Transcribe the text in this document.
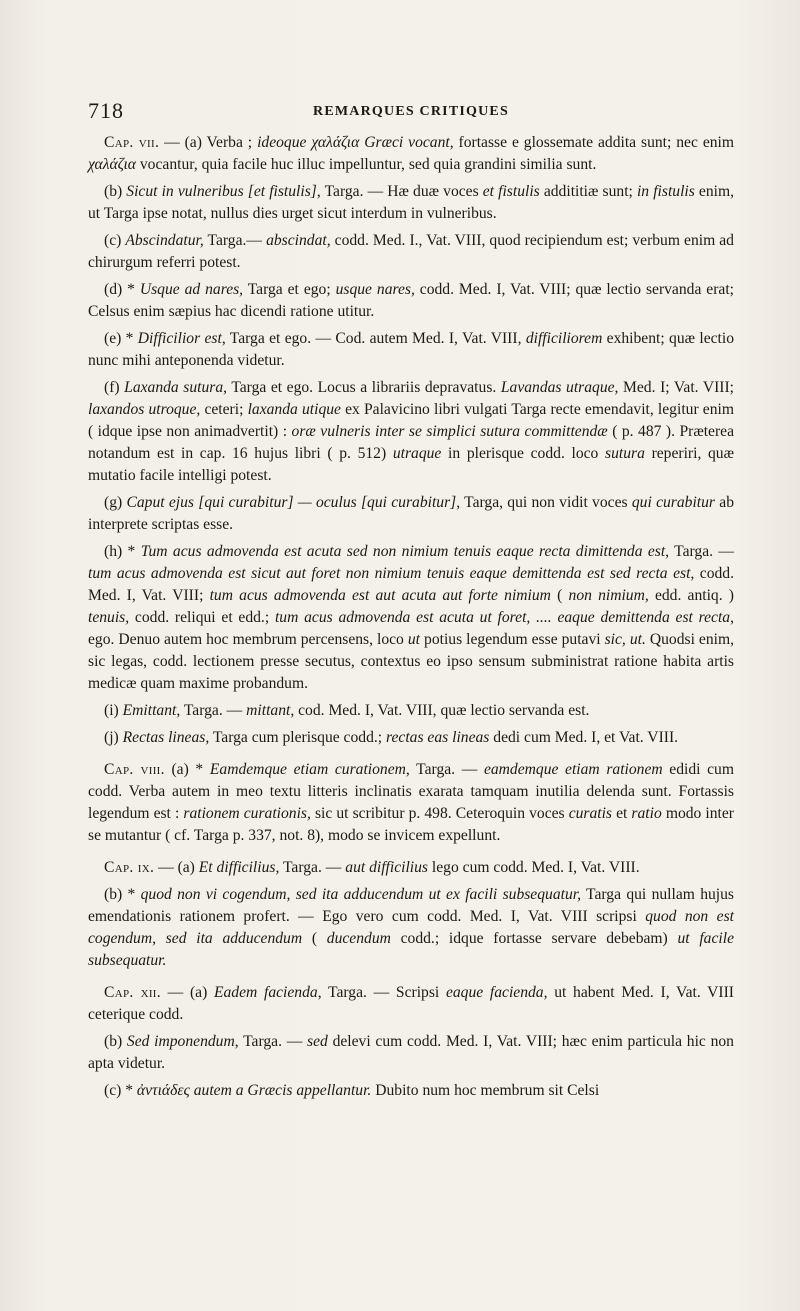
718	REMARQUES CRITIQUES

Cap. vii. — (a) Verba ; ideoque χαλάζια Græci vocant, fortasse e glossemate addita sunt; nec enim χαλάζια vocantur, quia facile huc illuc impelluntur, sed quia grandini similia sunt.

(b) Sicut in vulneribus [et fistulis], Targa. — Hæ duæ voces et fistulis addititiæ sunt; in fistulis enim, ut Targa ipse notat, nullus dies urget sicut interdum in vulneribus.

(c) Abscindatur, Targa.— abscindat, codd. Med. I., Vat. VIII, quod recipiendum est; verbum enim ad chirurgum referri potest.

(d) * Usque ad nares, Targa et ego; usque nares, codd. Med. I, Vat. VIII; quæ lectio servanda erat; Celsus enim sæpius hac dicendi ratione utitur.

(e) * Difficilior est, Targa et ego. — Cod. autem Med. I, Vat. VIII, difficiliorem exhibent; quæ lectio nunc mihi anteponenda videtur.

(f) Laxanda sutura, Targa et ego. Locus a librariis depravatus. Lavandas utraque, Med. I; Vat. VIII; laxandos utroque, ceteri; laxanda utique ex Palavicino libri vulgati Targa recte emendavit, legitur enim ( idque ipse non animadvertit) : oræ vulneris inter se simplici sutura committendæ ( p. 487 ). Præterea notandum est in cap. 16 hujus libri ( p. 512) utraque in plerisque codd. loco sutura reperiri, quæ mutatio facile intelligi potest.

(g) Caput ejus [qui curabitur] — oculus [qui curabitur], Targa, qui non vidit voces qui curabitur ab interprete scriptas esse.

(h) * Tum acus admovenda est acuta sed non nimium tenuis eaque recta dimittenda est, Targa. — tum acus admovenda est sicut aut foret non nimium tenuis eaque demittenda est sed recta est, codd. Med. I, Vat. VIII; tum acus admovenda est aut acuta aut forte nimium ( non nimium, edd. antiq. ) tenuis, codd. reliqui et edd.; tum acus admovenda est acuta ut foret, .... eaque demittenda est recta, ego. Denuo autem hoc membrum percensens, loco ut potius legendum esse putavi sic, ut. Quodsi enim, sic legas, codd. lectionem presse secutus, contextus eo ipso sensum subministrat ratione habita artis medicæ quam maxime probandum.

(i) Emittant, Targa. — mittant, cod. Med. I, Vat. VIII, quæ lectio servanda est.

(j) Rectas lineas, Targa cum plerisque codd.; rectas eas lineas dedi cum Med. I, et Vat. VIII.

Cap. viii. (a) * Eamdemque etiam curationem, Targa. — eamdemque etiam rationem edidi cum codd. Verba autem in meo textu litteris inclinatis exarata tamquam inutilia delenda sunt. Fortassis legendum est : rationem curationis, sic ut scribitur p. 498. Ceteroquin voces curatis et ratio modo inter se mutantur ( cf. Targa p. 337, not. 8), modo se invicem expellunt.

Cap. ix. — (a) Et difficilius, Targa. — aut difficilius lego cum codd. Med. I, Vat. VIII.

(b) * quod non vi cogendum, sed ita adducendum ut ex facili subsequatur, Targa qui nullam hujus emendationis rationem profert. — Ego vero cum codd. Med. I, Vat. VIII scripsi quod non est cogendum, sed ita adducendum ( ducendum codd.; idque fortasse servare debebam) ut facile subsequatur.

Cap. xii. — (a) Eadem facienda, Targa. — Scripsi eaque facienda, ut habent Med. I, Vat. VIII ceterique codd.

(b) Sed imponendum, Targa. — sed delevi cum codd. Med. I, Vat. VIII; hæc enim particula hic non apta videtur.

(c) * ἀντιάδες autem a Græcis appellantur. Dubito num hoc membrum sit Celsi
